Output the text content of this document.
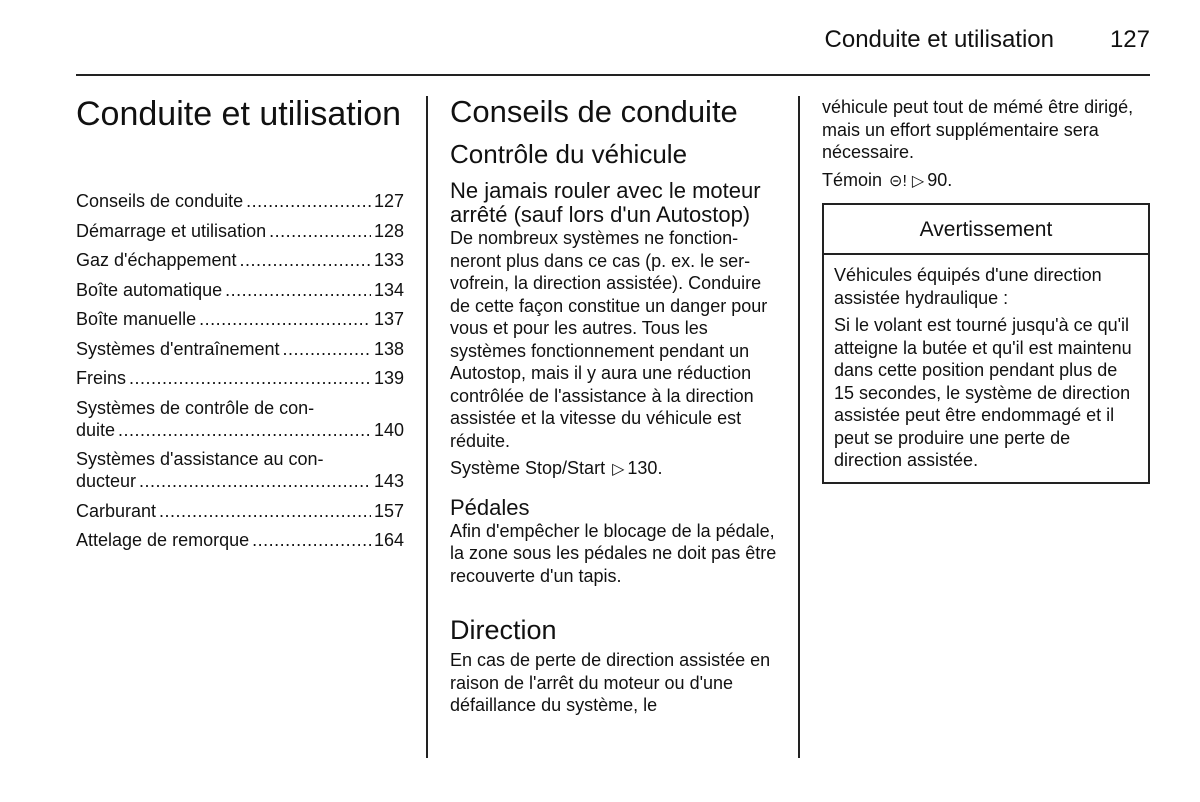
Conduite et utilisation 127
Conduite et utilisation
Conseils de conduite .....	127
Démarrage et utilisation .....	128
Gaz d'échappement .....	133
Boîte automatique .....	134
Boîte manuelle .....	137
Systèmes d'entraînement .....	138
Freins .....	139
Systèmes de contrôle de con-
duite .....	140
Systèmes d'assistance au con-
ducteur .....	143
Carburant .....	157
Attelage de remorque .....	164
Conseils de conduite
Contrôle du véhicule
Ne jamais rouler avec le moteur arrêté (sauf lors d'un Autostop)

De nombreux systèmes ne fonctionneront plus dans ce cas (p. ex. le servofrein, la direction assistée). Conduire de cette façon constitue un danger pour vous et pour les autres. Tous les systèmes fonctionnement pendant un Autostop, mais il y aura une réduction contrôlée de l'assistance à la direction assistée et la vitesse du véhicule est réduite.

Système Stop/Start ▷ 130.

Pédales

Afin d'empêcher le blocage de la pédale, la zone sous les pédales ne doit pas être recouverte d'un tapis.

Direction

En cas de perte de direction assistée en raison de l'arrêt du moteur ou d'une défaillance du système, le

véhicule peut tout de mémé être dirigé, mais un effort supplémentaire sera nécessaire.

Témoin ⊝! ▷ 90.

Avertissement

Véhicules équipés d'une direction assistée hydraulique :

Si le volant est tourné jusqu'à ce qu'il atteigne la butée et qu'il est maintenu dans cette position pendant plus de 15 secondes, le système de direction assistée peut être endommagé et il peut se produire une perte de direction assistée.
